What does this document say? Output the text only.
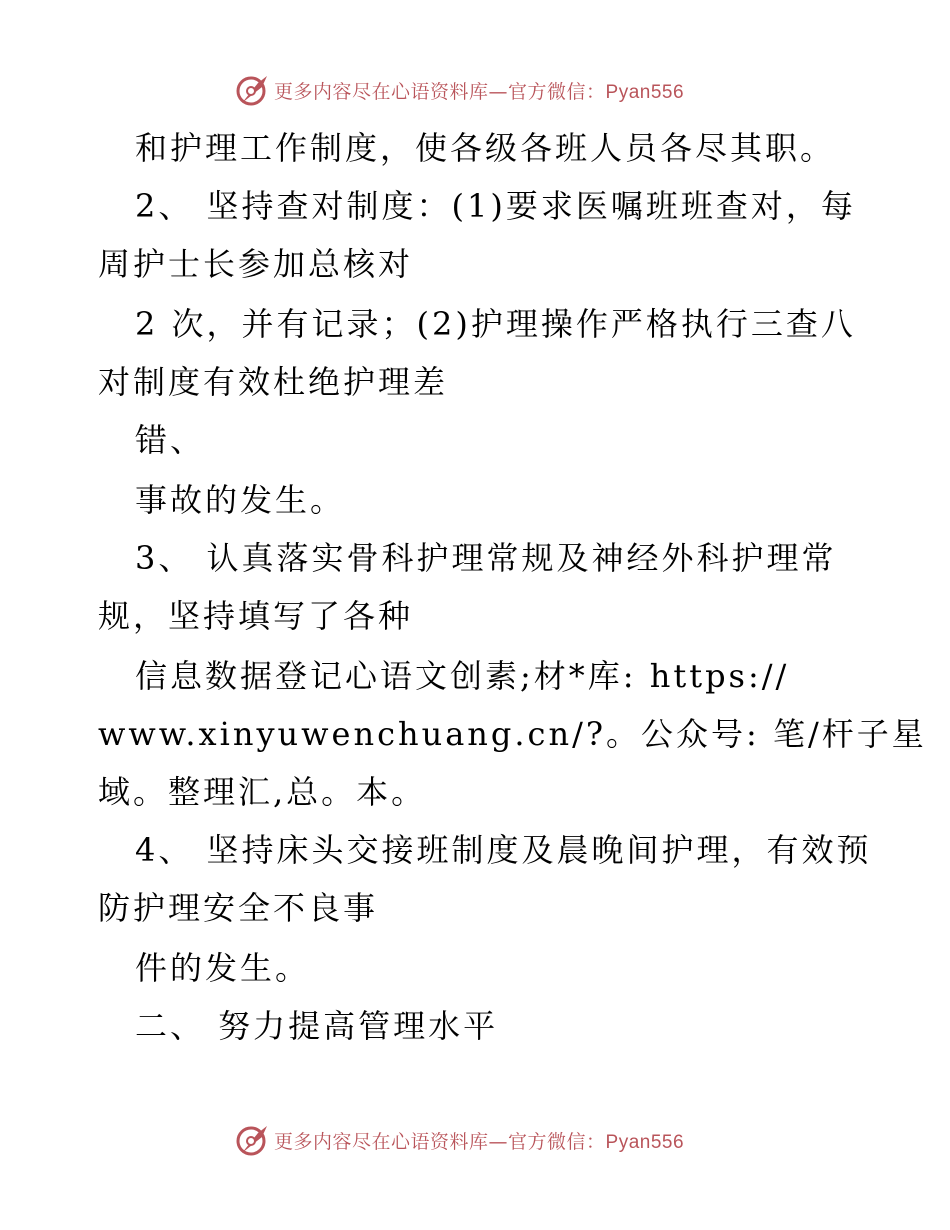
更多内容尽在心语资料库—官方微信：Pyan556
和护理工作制度，使各级各班人员各尽其职。
2、 坚持查对制度：(1)要求医嘱班班查对，每
周护士长参加总核对
2 次，并有记录；(2)护理操作严格执行三查八
对制度有效杜绝护理差
错、
事故的发生。
3、 认真落实骨科护理常规及神经外科护理常
规，坚持填写了各种
信息数据登记心语文创素;材*库: https://
www.xinyuwenchuang.cn/?。公众号: 笔/杆子星
域。整理汇,总。本。
4、 坚持床头交接班制度及晨晚间护理，有效预
防护理安全不良事
件的发生。
二、 努力提高管理水平
更多内容尽在心语资料库—官方微信：Pyan556
